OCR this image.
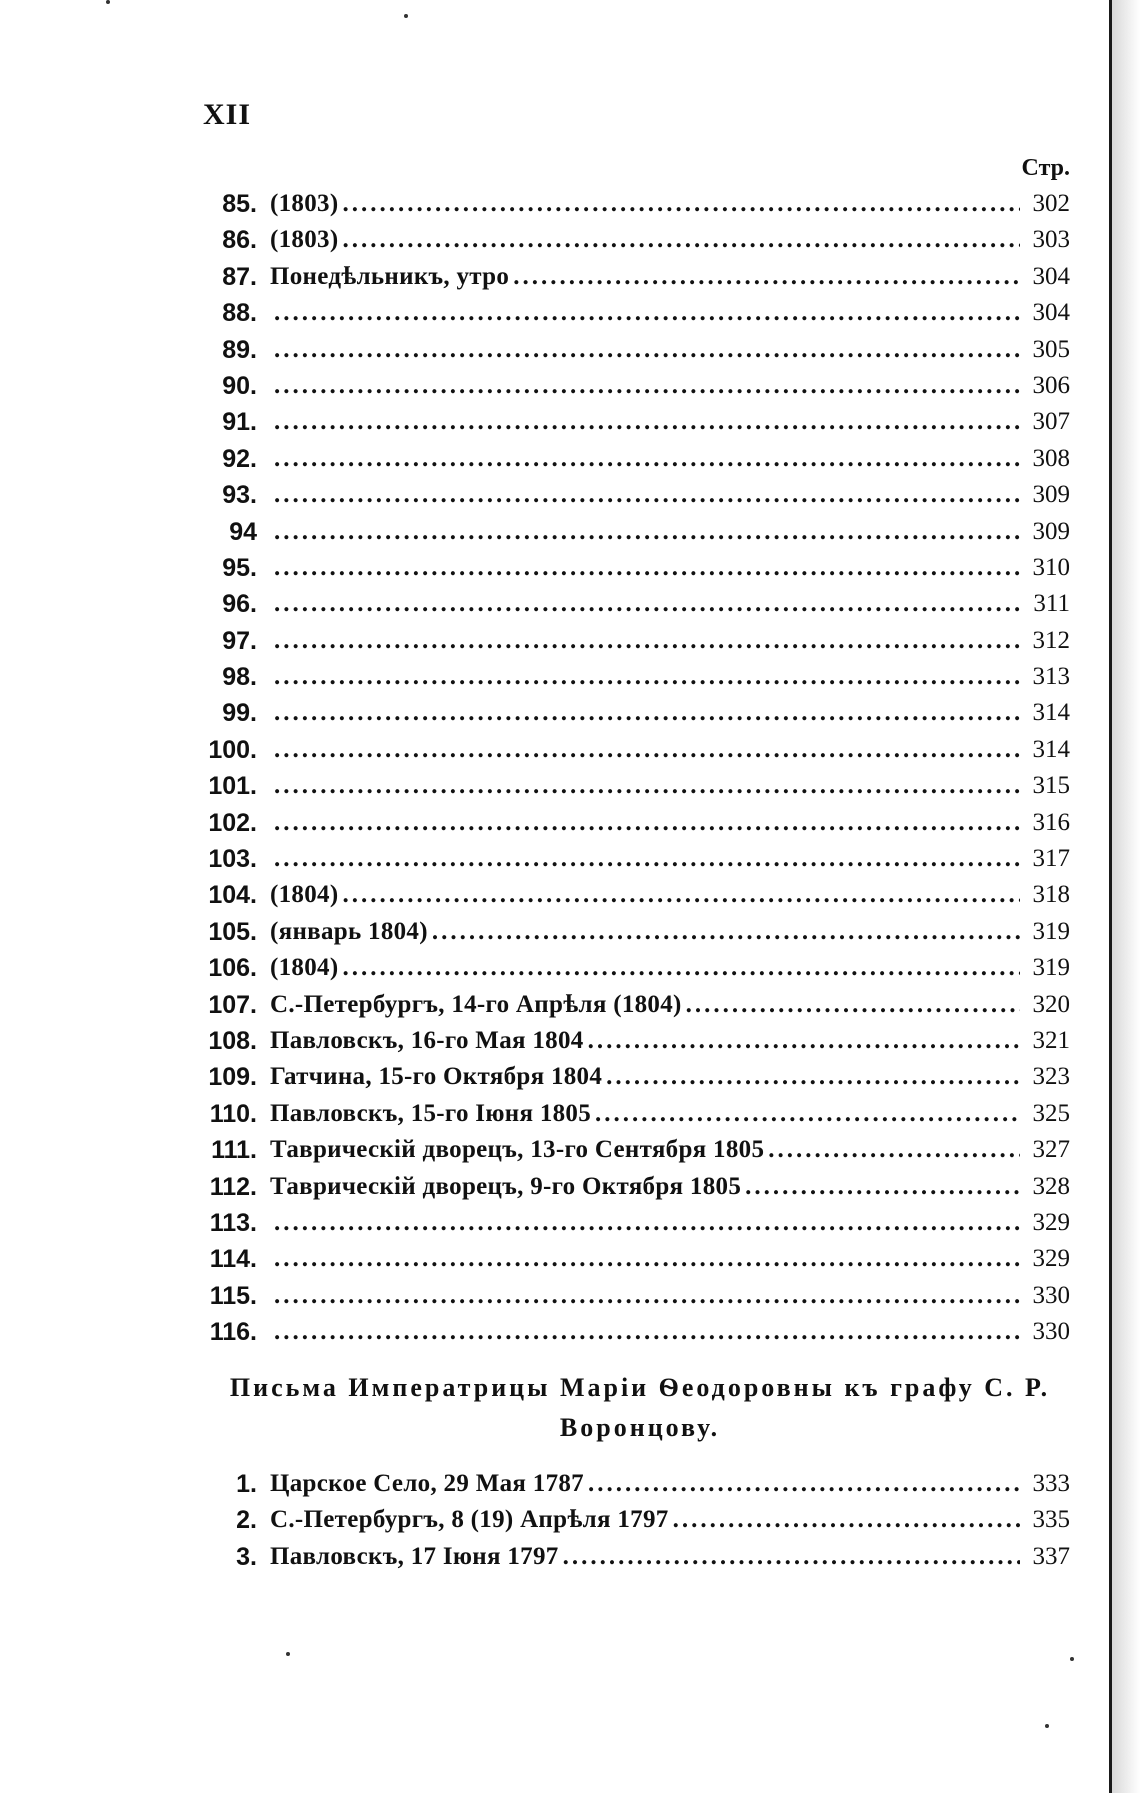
XII
Стр.
85. (1803) .....	302
86. (1803) .....	303
87. Понедѣльникъ, утро .....	304
88. .....	304
89. .....	305
90. .....	306
91. .....	307
92. .....	308
93. .....	309
94 .....	309
95. .....	310
96. .....	311
97. .....	312
98. .....	313
99. .....	314
100. .....	314
101. .....	315
102. .....	316
103. .....	317
104. (1804) .....	318
105. (январь 1804) .....	319
106. (1804) .....	319
107. С.-Петербургъ, 14-го Апрѣля (1804) .....	320
108. Павловскъ, 16-го Мая 1804 .....	321
109. Гатчина, 15-го Октября 1804 .....	323
110. Павловскъ, 15-го Іюня 1805 .....	325
111. Таврическій дворецъ, 13-го Сентября 1805 .....	327
112. Таврическій дворецъ, 9-го Октября 1805 .....	328
113. .....	329
114. .....	329
115. .....	330
116. .....	330
Письма Императрицы Маріи Ѳеодоровны къ графу С. Р. Воронцову.
1. Царское Село, 29 Мая 1787 .....	333
2. С.-Петербургъ, 8 (19) Апрѣля 1797 .....	335
3. Павловскъ, 17 Іюня 1797 .....	337
